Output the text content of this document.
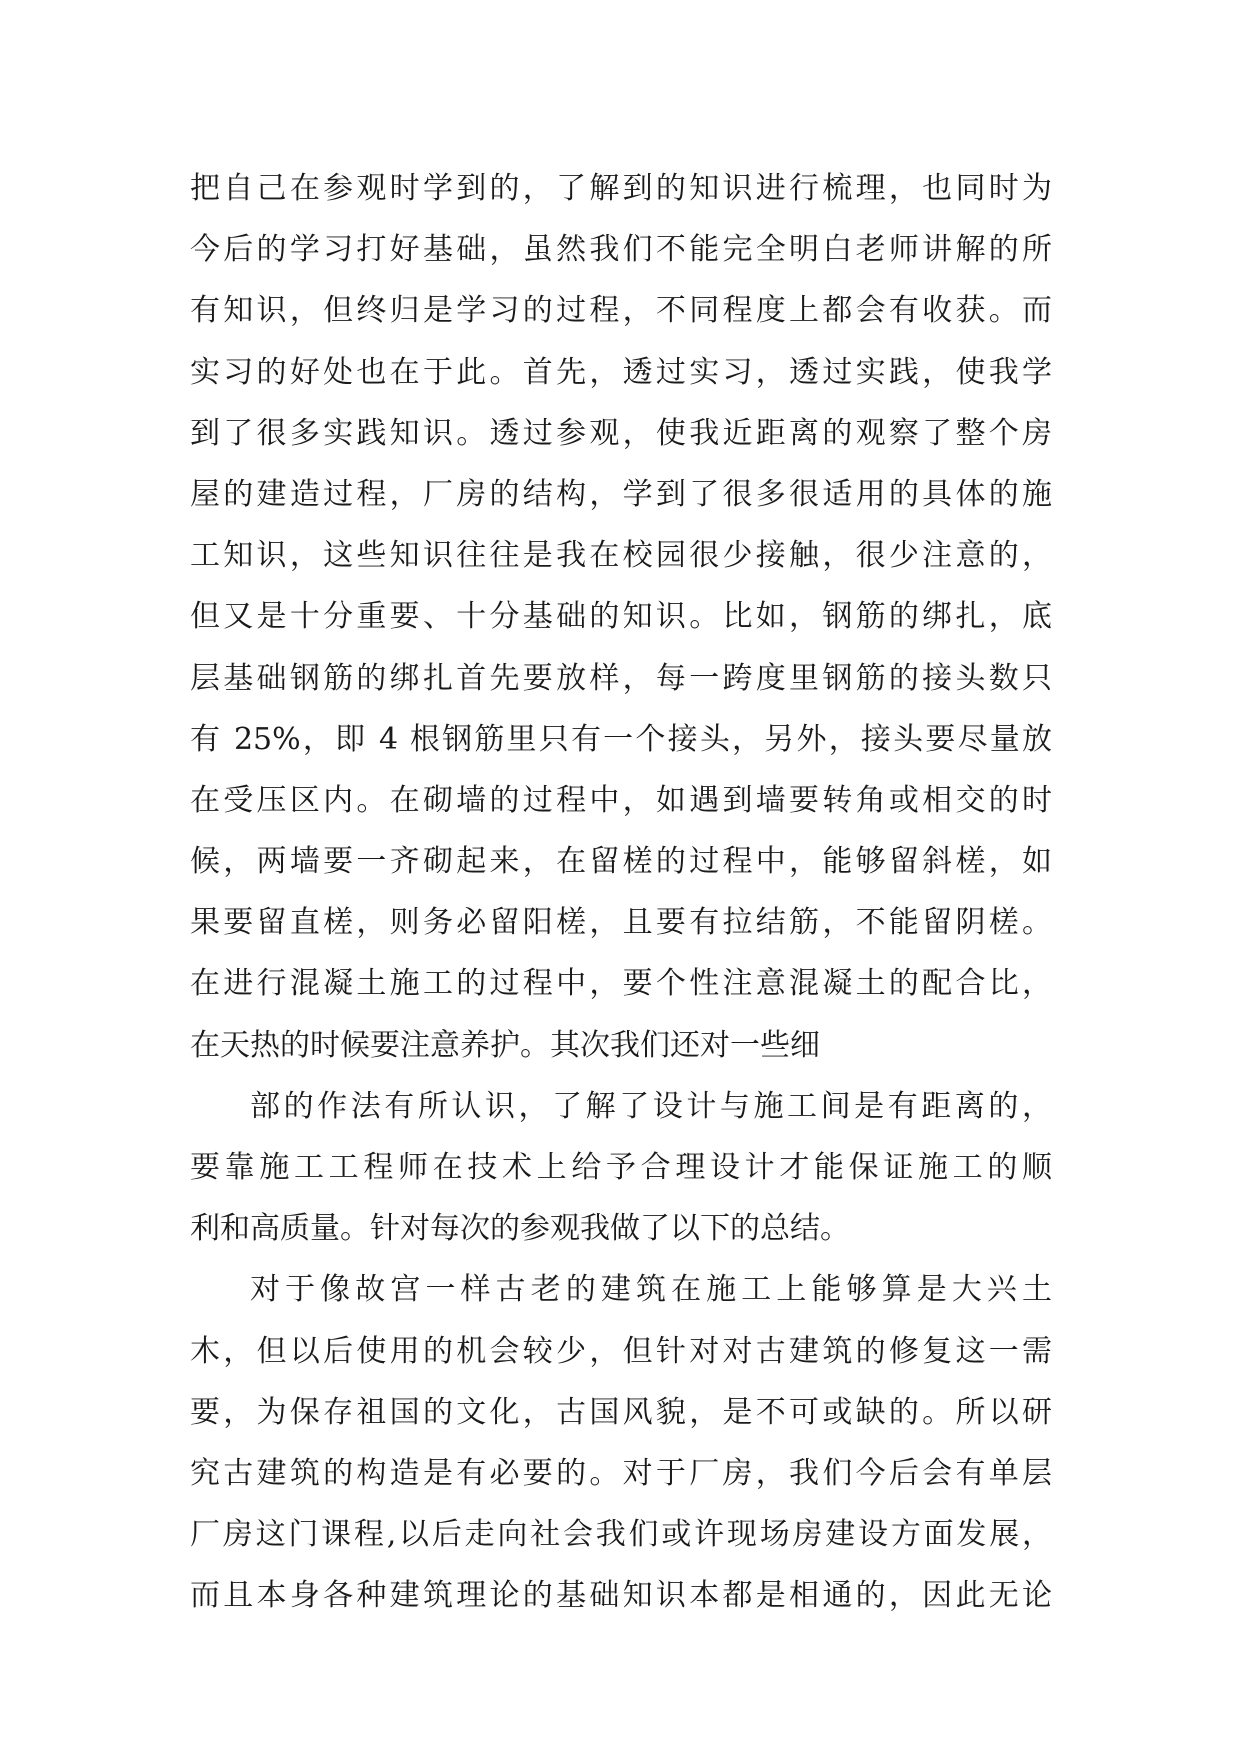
把自己在参观时学到的，了解到的知识进行梳理，也同时为
今后的学习打好基础，虽然我们不能完全明白老师讲解的所
有知识，但终归是学习的过程，不同程度上都会有收获。而
实习的好处也在于此。首先，透过实习，透过实践，使我学
到了很多实践知识。透过参观，使我近距离的观察了整个房
屋的建造过程，厂房的结构，学到了很多很适用的具体的施
工知识，这些知识往往是我在校园很少接触，很少注意的，
但又是十分重要、十分基础的知识。比如，钢筋的绑扎，底
层基础钢筋的绑扎首先要放样，每一跨度里钢筋的接头数只
有 25%，即 4 根钢筋里只有一个接头，另外，接头要尽量放
在受压区内。在砌墙的过程中，如遇到墙要转角或相交的时
候，两墙要一齐砌起来，在留槎的过程中，能够留斜槎，如
果要留直槎，则务必留阳槎，且要有拉结筋，不能留阴槎。
在进行混凝土施工的过程中，要个性注意混凝土的配合比，
在天热的时候要注意养护。其次我们还对一些细
部的作法有所认识，了解了设计与施工间是有距离的，
要靠施工工程师在技术上给予合理设计才能保证施工的顺
利和高质量。针对每次的参观我做了以下的总结。
对于像故宫一样古老的建筑在施工上能够算是大兴土
木，但以后使用的机会较少，但针对对古建筑的修复这一需
要，为保存祖国的文化，古国风貌，是不可或缺的。所以研
究古建筑的构造是有必要的。对于厂房，我们今后会有单层
厂房这门课程,以后走向社会我们或许现场房建设方面发展，
而且本身各种建筑理论的基础知识本都是相通的，因此无论
